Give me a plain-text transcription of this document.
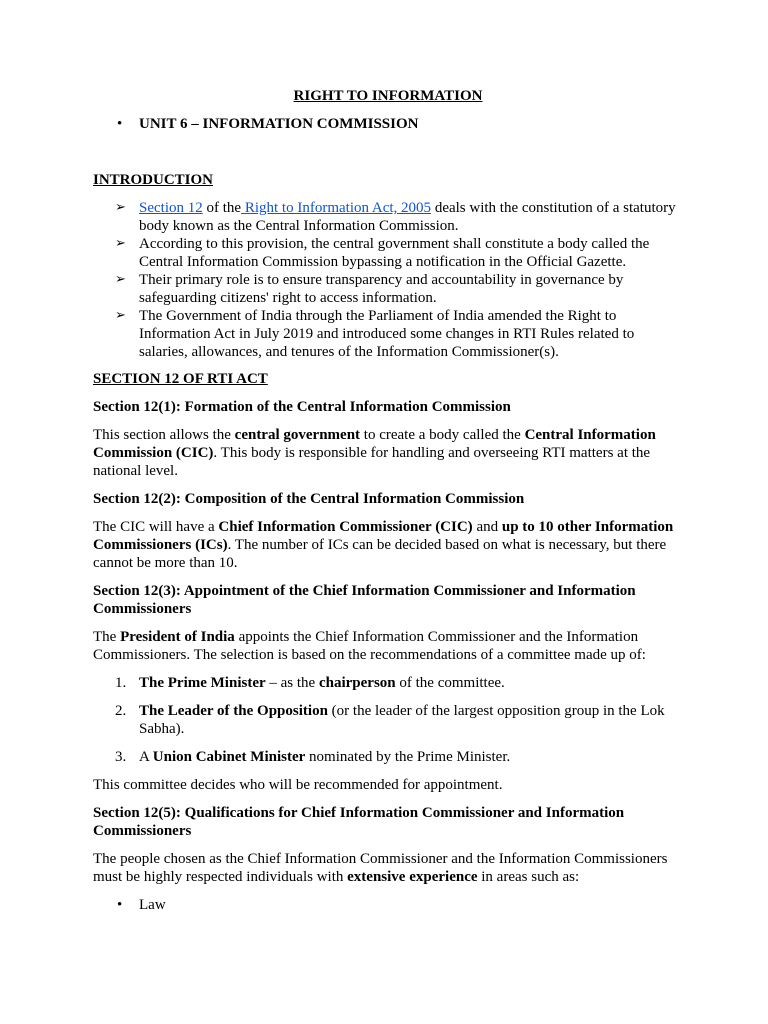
RIGHT TO INFORMATION

• UNIT 6 – INFORMATION COMMISSION

INTRODUCTION

➢ Section 12 of the Right to Information Act, 2005 deals with the constitution of a statutory body known as the Central Information Commission.
➢ According to this provision, the central government shall constitute a body called the Central Information Commission bypassing a notification in the Official Gazette.
➢ Their primary role is to ensure transparency and accountability in governance by safeguarding citizens' right to access information.
➢ The Government of India through the Parliament of India amended the Right to Information Act in July 2019 and introduced some changes in RTI Rules related to salaries, allowances, and tenures of the Information Commissioner(s).

SECTION 12 OF RTI ACT

Section 12(1): Formation of the Central Information Commission

This section allows the central government to create a body called the Central Information Commission (CIC). This body is responsible for handling and overseeing RTI matters at the national level.

Section 12(2): Composition of the Central Information Commission

The CIC will have a Chief Information Commissioner (CIC) and up to 10 other Information Commissioners (ICs). The number of ICs can be decided based on what is necessary, but there cannot be more than 10.

Section 12(3): Appointment of the Chief Information Commissioner and Information Commissioners

The President of India appoints the Chief Information Commissioner and the Information Commissioners. The selection is based on the recommendations of a committee made up of:

1. The Prime Minister – as the chairperson of the committee.
2. The Leader of the Opposition (or the leader of the largest opposition group in the Lok Sabha).
3. A Union Cabinet Minister nominated by the Prime Minister.

This committee decides who will be recommended for appointment.

Section 12(5): Qualifications for Chief Information Commissioner and Information Commissioners

The people chosen as the Chief Information Commissioner and the Information Commissioners must be highly respected individuals with extensive experience in areas such as:

• Law
